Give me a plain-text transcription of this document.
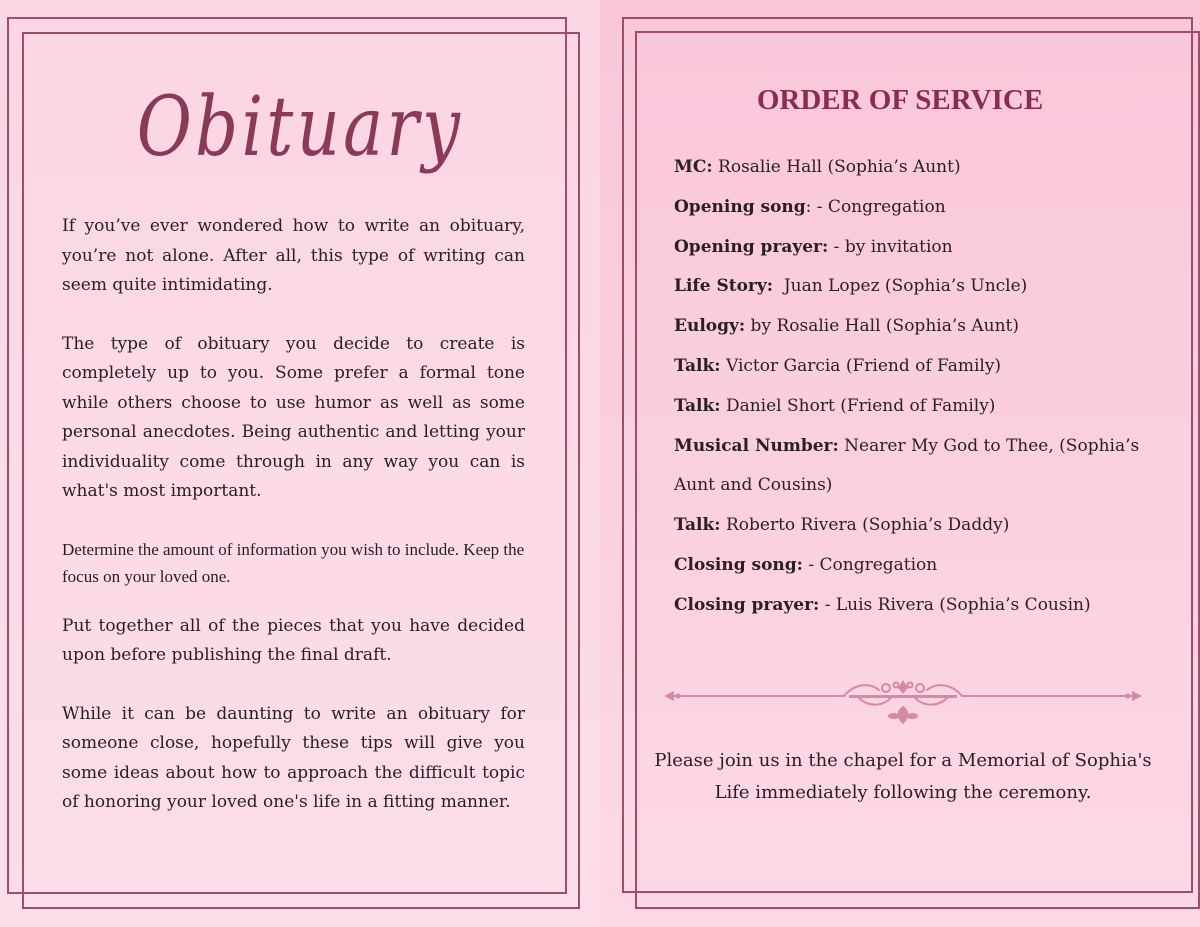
Obituary

If you’ve ever wondered how to write an obituary, you’re not alone. After all, this type of writing can seem quite intimidating.

The type of obituary you decide to create is completely up to you. Some prefer a formal tone while others choose to use humor as well as some personal anecdotes. Being authentic and letting your individuality come through in any way you can is what's most important.

Determine the amount of information you wish to include. Keep the focus on your loved one.

Put together all of the pieces that you have decided upon before publishing the final draft.

While it can be daunting to write an obituary for someone close, hopefully these tips will give you some ideas about how to approach the difficult topic of honoring your loved one's life in a fitting manner.

ORDER OF SERVICE
MC: Rosalie Hall (Sophia’s Aunt)
Opening song: - Congregation
Opening prayer: - by invitation
Life Story:  Juan Lopez (Sophia’s Uncle)
Eulogy: by Rosalie Hall (Sophia’s Aunt)
Talk: Victor Garcia (Friend of Family)
Talk: Daniel Short (Friend of Family)
Musical Number: Nearer My God to Thee, (Sophia’s Aunt and Cousins)
Talk: Roberto Rivera (Sophia’s Daddy)
Closing song: - Congregation
Closing prayer: - Luis Rivera (Sophia’s Cousin)

Please join us in the chapel for a Memorial of Sophia's Life immediately following the ceremony.
